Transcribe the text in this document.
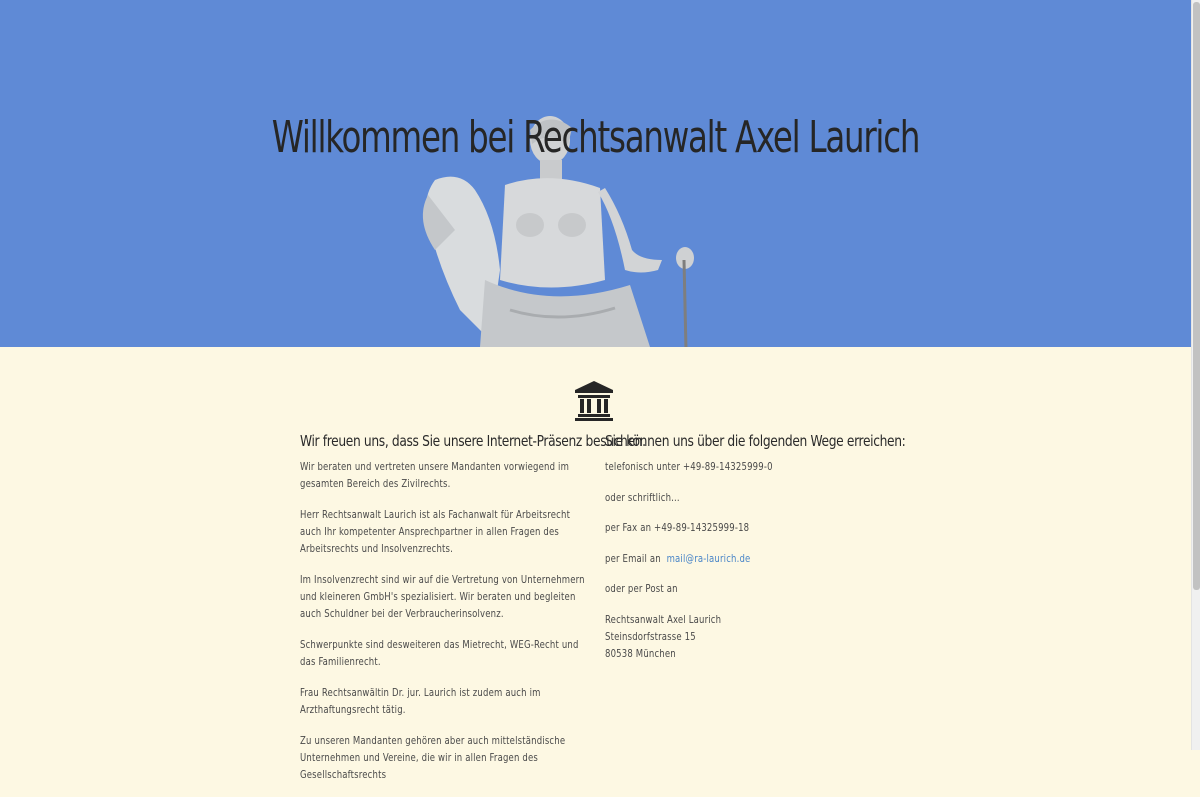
Willkommen bei Rechtsanwalt Axel Laurich
Wir freuen uns, dass Sie unsere Internet-Präsenz besuchen.

Wir beraten und vertreten unsere Mandanten vorwiegend im gesamten Bereich des Zivilrechts.

Herr Rechtsanwalt Laurich ist als Fachanwalt für Arbeitsrecht auch Ihr kompetenter Ansprechpartner in allen Fragen des Arbeitsrechts und Insolvenzrechts.

Im Insolvenzrecht sind wir auf die Vertretung von Unternehmern und kleineren GmbH's spezialisiert. Wir beraten und begleiten auch Schuldner bei der Verbraucherinsolvenz.

Schwerpunkte sind desweiteren das Mietrecht, WEG-Recht und das Familienrecht.

Frau Rechtsanwältin Dr. jur. Laurich ist zudem auch im Arzthaftungsrecht tätig.

Zu unseren Mandanten gehören aber auch mittelständische Unternehmen und Vereine, die wir in allen Fragen des Gesellschaftsrechts

Sie können uns über die folgenden Wege erreichen:

telefonisch unter +49-89-14325999-0

oder schriftlich...

per Fax an +49-89-14325999-18

per Email an mail@ra-laurich.de

oder per Post an

Rechtsanwalt Axel Laurich
Steinsdorfstrasse 15
80538 München
